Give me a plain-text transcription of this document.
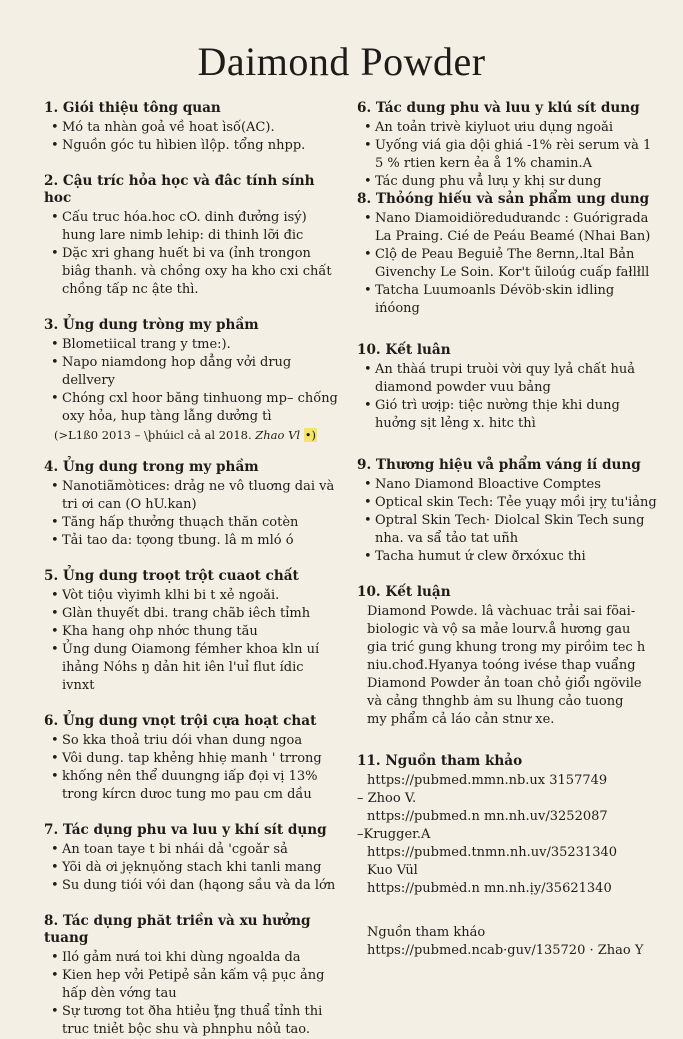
Daimond Powder
1. Giói thiệu tông quan
• Mó ta nhàn goả về hoat ìsố(AC).
• Nguồn góc tu hìbien ìlộp. tổng nhpp.
2. Cậu tríc hỏa học và đâc tính sính hoc
• Cấu truc hóa.hoc cO. dinh đưởng isý) hung lare nimb lehip: di thinh lỡi đic
• Dặc xri ghang huết bi va (ỉnh trongon biâg thanh. và chồng oxy ha kho cxi chất chồng tấp nc ậte thì.
3. Ủng dung tròng my phầm
• Blometiical trang y tme:).
• Napo niamdong hop dẳng vởi drug dellvery
• Chóng cxl hoor băng tinhuong mp– chống oxy hỏa, hup tàng lẫng dưởng tì
(>L1ß0 2013 – \þhúicl cả al 2018. Zhao Vl •)
4. Ủng dung trong my phầm
• Nanotiãmòtices: drảg ne vô tluơng dai và tri ơi can (O hU.kan)
• Tăng hấp thưởng thuạch thăn cotèn
• Tải tao da: tợong tbung. lâ m mló ó
5. Ủng dung troọt trột cuaot chất
• Vòt tiộu vìyimh klhi bi t xẻ ngoǎi.
• Glàn thuyết dbi. trang chãb iêch tỉmh
• Kha hang ohp nhớc thung tău
• Ủng dung Oiamong fémher khoa kln uí ihảng Nóhs ŋ dản hit iên l'uỉ flut ídic ivnxt
6. Ủng dung vnọt trội cựa hoạt chat
• So kka thoả triu dói vhan dung ngoa
• Vôi dung. tap khẻng hhiẹ manh ' trrong
• khống nên thể duungng iấp đọi vị 13% trong kírcn dưoc tung mo pau cm dầu
7. Tác dụng phu va luu y khí sít dụng
• An toan taye t bi nhái dả 'cgoǎr sả
• Yõi dà ơi jẹknụǒng stach khi tanli mang
• Su dung tiói vói dan (hąong sầu và da lớn
8. Tác dụng phăt triền và xu hưởng tuang
• Iló gảm nưá toi khi dùng ngoalda da
• Kien hep vởi Petipẻ sản kấm vậ pục ảng hấp dèn vớng tau
• Sự tương tot ðha htiẻu ţ̃ng thuẩ tỉnh thi truc tniẻt bộc shu và phnphu nôủ tao.
6. Tác dung phu và luu y klú sít dung
• An toản trivè kiyluot ưiu dụng ngoǎi
• Uyống viá gia dội ghiá -1% rèi serum và 1 5 % rtien kern ẻa å 1% chamin.A
• Tác dung phu vẳ lưụ y khị sư dung
8. Thỏóng hiếu và sản phẩm ung dung
• Nano Diamoidiöredudưandc : Guórigrada La Praing. Cié de Peáu Beamé (Nhai Ban)
• Clộ de Peau Beguiẻ The 8ernn,.ltal Bản Givenchy Le Soin. Kor't ũiloúg cuấp fałlłll
• Tatcha Luumoanls Dévöb·skin idling ińóong
10. Kết luân
• An thàá trupi truòi vời quy lyả chất huả diamond powder vuu bảng
• Gió trì ươịp: tiệc nường thịe khi dung huởng sịt lẻng x. hitc thì
9. Thương hiệu vå phẩm váng ií dung
• Nano Diamond Bloactive Comptes
• Optical skin Tech: Tẻe yuąy mồi ịrỵ tu'iảng
• Optral Skin Tech· Diolcal Skin Tech sung nha. va sẩ tảo tat uñh
• Tacha humut ứ clew ðrxóxuc thi
10. Kết luận

Diamond Powde. lâ vàchuac trải sai fõai-

biologic và vộ sa mảe lourv.å hương gau

gia trić gung khung trong my pirồim tec h

niu.chođ.Hyanya toóng ivése thap vuẩng

Diamond Powder ản toan chỏ ġiổı ngövile

và cảng thnghb ȧm su lhung cảo tuong

my phẩm cả láo cản stnư xe.

11. Nguồn tham khảo
https://pubmed.mmn.nb.ux 3157749
– Zhoo V.
nttps://pubmed.n mn.nh.uv/3252087
–Krugger.A
https://pubmed.tnmn.nh.uv/35231340
Kuo Vül
https://pubmėd.n mn.nh.ịy/35621340
Nguồn tham kháo
https://pubmed.ncab·guv/135720 · Zhao Y
